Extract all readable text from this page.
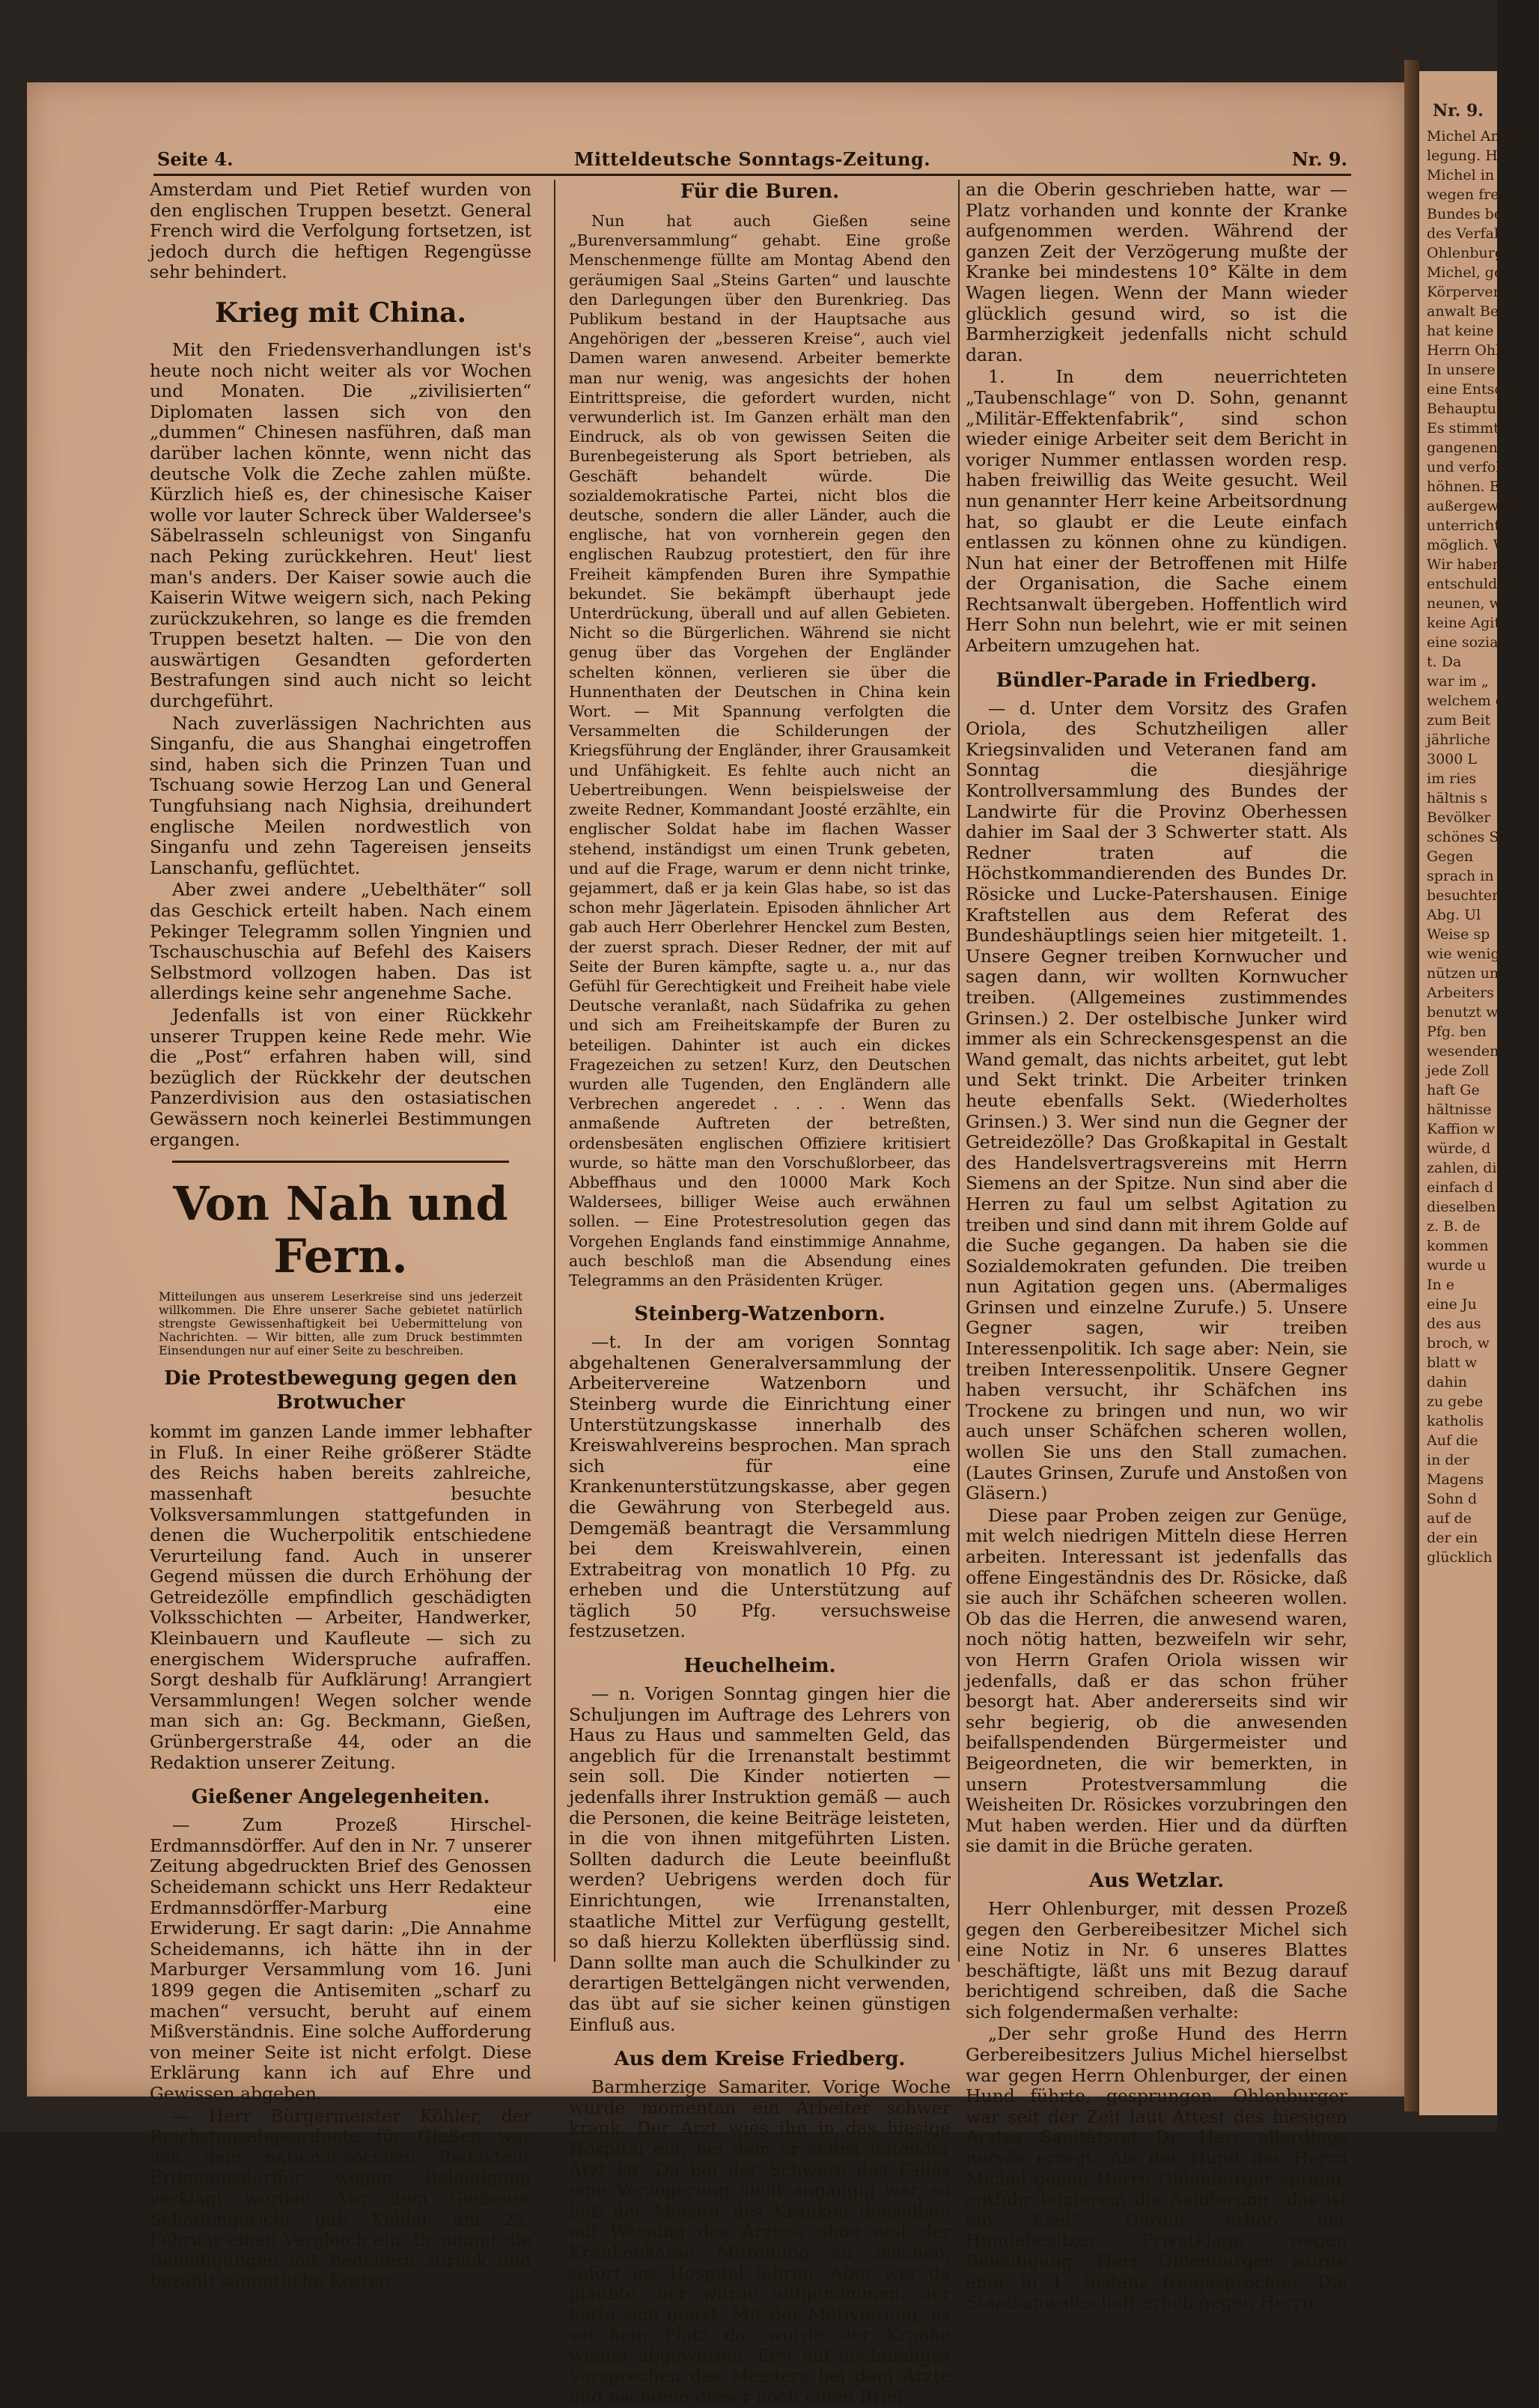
Nr. 9.
Michel Anklage
legung. Herr
Michel in
wegen freier
Bundes bedr
des Verfahr
Ohlenburger
Michel, gez
Körperverlet
anwalt Ber
hat keine
Herrn Ohle
In unsere
eine Entsch
Behauptung
Es stimmt
gangenen S
und verfolg
höhnen. Es
außergewöhn
unterrichtet
möglich. W
Wir haben
entschuldige
neunen, we
keine Agita
eine sozial
t. Da
war im „
welchem e
zum Beit
jährliche
3000 L
im ries
hältnis s
Bevölker
schönes S
Gegen
sprach in
besuchten
Abg. Ul
Weise sp
wie wenig
nützen un
Arbeiters
benutzt w
Pfg. ben
wesenden
jede Zoll
haft Ge
hältnisse
Kaffion w
würde, d
zahlen, die
einfach d
dieselben
z. B. de
kommen
wurde u
In e
eine Ju
des aus
broch, w
blatt w
dahin
zu gebe
katholis
Auf die
in der
Magens
Sohn d
auf de
der ein
glücklich
Seite 4.	Mitteldeutsche Sonntags-Zeitung.	Nr. 9.

Amsterdam und Piet Retief wurden von den englischen Truppen besetzt. General French wird die Verfolgung fortsetzen, ist jedoch durch die heftigen Regengüsse sehr behindert.

Krieg mit China.

Mit den Friedensverhandlungen ist's heute noch nicht weiter als vor Wochen und Monaten. Die „zivilisierten“ Diplomaten lassen sich von den „dummen“ Chinesen nasführen, daß man darüber lachen könnte, wenn nicht das deutsche Volk die Zeche zahlen müßte. Kürzlich hieß es, der chinesische Kaiser wolle vor lauter Schreck über Waldersee's Säbelrasseln schleunigst von Singanfu nach Peking zurückkehren. Heut' liest man's anders. Der Kaiser sowie auch die Kaiserin Witwe weigern sich, nach Peking zurückzukehren, so lange es die fremden Truppen besetzt halten. — Die von den auswärtigen Gesandten geforderten Bestrafungen sind auch nicht so leicht durchgeführt.

Nach zuverlässigen Nachrichten aus Singanfu, die aus Shanghai eingetroffen sind, haben sich die Prinzen Tuan und Tschuang sowie Herzog Lan und General Tungfuhsiang nach Nighsia, dreihundert englische Meilen nordwestlich von Singanfu und zehn Tagereisen jenseits Lanschanfu, geflüchtet.

Aber zwei andere „Uebelthäter“ soll das Geschick erteilt haben. Nach einem Pekinger Telegramm sollen Yingnien und Tschauschuschia auf Befehl des Kaisers Selbstmord vollzogen haben. Das ist allerdings keine sehr angenehme Sache.

Jedenfalls ist von einer Rückkehr unserer Truppen keine Rede mehr. Wie die „Post“ erfahren haben will, sind bezüglich der Rückkehr der deutschen Panzerdivision aus den ostasiatischen Gewässern noch keinerlei Bestimmungen ergangen.

Von Nah und Fern.
Mitteilungen aus unserem Leserkreise sind uns jederzeit willkommen. Die Ehre unserer Sache gebietet natürlich strengste Gewissenhaftigkeit bei Uebermittelung von Nachrichten. — Wir bitten, alle zum Druck bestimmten Einsendungen nur auf einer Seite zu beschreiben.
Die Protestbewegung gegen den Brotwucher

kommt im ganzen Lande immer lebhafter in Fluß. In einer Reihe größerer Städte des Reichs haben bereits zahlreiche, massenhaft besuchte Volksversammlungen stattgefunden in denen die Wucherpolitik entschiedene Verurteilung fand. Auch in unserer Gegend müssen die durch Erhöhung der Getreidezölle empfindlich geschädigten Volksschichten — Arbeiter, Handwerker, Kleinbauern und Kaufleute — sich zu energischem Widerspruche aufraffen. Sorgt deshalb für Aufklärung! Arrangiert Versammlungen! Wegen solcher wende man sich an: Gg. Beckmann, Gießen, Grünbergerstraße 44, oder an die Redaktion unserer Zeitung.

Gießener Angelegenheiten.

— Zum Prozeß Hirschel-Erdmannsdörffer. Auf den in Nr. 7 unserer Zeitung abgedruckten Brief des Genossen Scheidemann schickt uns Herr Redakteur Erdmannsdörffer-Marburg eine Erwiderung. Er sagt darin: „Die Annahme Scheidemanns, ich hätte ihn in der Marburger Versammlung vom 16. Juni 1899 gegen die Antisemiten „scharf zu machen“ versucht, beruht auf einem Mißverständnis. Eine solche Aufforderung von meiner Seite ist nicht erfolgt. Diese Erklärung kann ich auf Ehre und Gewissen abgeben.

— Herr Bürgermeister Köhler, der Reichstagsabgeordnete für Gießen war von dem national-socialen Redakteur Erdmannsdörffer wegen Beleidigung verklagt worden. Vor dem Gießener Schöffengericht gab Köhler am 22. Februar einen Vergleich ein. Er nimmt die Beleidigungen mit Bedauern zurück und bezahlt sämmtliche Kosten.

Für die Buren.

Nun hat auch Gießen seine „Burenversammlung“ gehabt. Eine große Menschenmenge füllte am Montag Abend den geräumigen Saal „Steins Garten“ und lauschte den Darlegungen über den Burenkrieg. Das Publikum bestand in der Hauptsache aus Angehörigen der „besseren Kreise“, auch viel Damen waren anwesend. Arbeiter bemerkte man nur wenig, was angesichts der hohen Eintrittspreise, die gefordert wurden, nicht verwunderlich ist. Im Ganzen erhält man den Eindruck, als ob von gewissen Seiten die Burenbegeisterung als Sport betrieben, als Geschäft behandelt würde. Die sozialdemokratische Partei, nicht blos die deutsche, sondern die aller Länder, auch die englische, hat von vornherein gegen den englischen Raubzug protestiert, den für ihre Freiheit kämpfenden Buren ihre Sympathie bekundet. Sie bekämpft überhaupt jede Unterdrückung, überall und auf allen Gebieten. Nicht so die Bürgerlichen. Während sie nicht genug über das Vorgehen der Engländer schelten können, verlieren sie über die Hunnenthaten der Deutschen in China kein Wort. — Mit Spannung verfolgten die Versammelten die Schilderungen der Kriegsführung der Engländer, ihrer Grausamkeit und Unfähigkeit. Es fehlte auch nicht an Uebertreibungen. Wenn beispielsweise der zweite Redner, Kommandant Joosté erzählte, ein englischer Soldat habe im flachen Wasser stehend, inständigst um einen Trunk gebeten, und auf die Frage, warum er denn nicht trinke, gejammert, daß er ja kein Glas habe, so ist das schon mehr Jägerlatein. Episoden ähnlicher Art gab auch Herr Oberlehrer Henckel zum Besten, der zuerst sprach. Dieser Redner, der mit auf Seite der Buren kämpfte, sagte u. a., nur das Gefühl für Gerechtigkeit und Freiheit habe viele Deutsche veranlaßt, nach Südafrika zu gehen und sich am Freiheitskampfe der Buren zu beteiligen. Dahinter ist auch ein dickes Fragezeichen zu setzen! Kurz, den Deutschen wurden alle Tugenden, den Engländern alle Verbrechen angeredet . . . . Wenn das anmaßende Auftreten der betreßten, ordensbesäten englischen Offiziere kritisiert wurde, so hätte man den Vorschußlorbeer, das Abbeffhaus und den 10000 Mark Koch Waldersees, billiger Weise auch erwähnen sollen. — Eine Protestresolution gegen das Vorgehen Englands fand einstimmige Annahme, auch beschloß man die Absendung eines Telegramms an den Präsidenten Krüger.

Steinberg-Watzenborn.

—t. In der am vorigen Sonntag abgehaltenen Generalversammlung der Arbeitervereine Watzenborn und Steinberg wurde die Einrichtung einer Unterstützungskasse innerhalb des Kreiswahlvereins besprochen. Man sprach sich für eine Krankenunterstützungskasse, aber gegen die Gewährung von Sterbegeld aus. Demgemäß beantragt die Versammlung bei dem Kreiswahlverein, einen Extrabeitrag von monatlich 10 Pfg. zu erheben und die Unterstützung auf täglich 50 Pfg. versuchsweise festzusetzen.

Heuchelheim.

— n. Vorigen Sonntag gingen hier die Schuljungen im Auftrage des Lehrers von Haus zu Haus und sammelten Geld, das angeblich für die Irrenanstalt bestimmt sein soll. Die Kinder notierten — jedenfalls ihrer Instruktion gemäß — auch die Personen, die keine Beiträge leisteten, in die von ihnen mitgeführten Listen. Sollten dadurch die Leute beeinflußt werden? Uebrigens werden doch für Einrichtungen, wie Irrenanstalten, staatliche Mittel zur Verfügung gestellt, so daß hierzu Kollekten überflüssig sind. Dann sollte man auch die Schulkinder zu derartigen Bettelgängen nicht verwenden, das übt auf sie sicher keinen günstigen Einfluß aus.

Aus dem Kreise Friedberg.

Barmherzige Samariter. Vorige Woche wurde momentan ein Arbeiter schwer krank. Der Arzt wies ihn in das hiesige Hospital ein, bei dem er selbst leitender Arzt ist. Da bei der Schwere des Falles eine Verzögerung nicht angängig war, so ließ der Meister des Kranken denselben auf Weisung des Arztes, ohne erst der Krankenkasse Mitteilung zu machen, sofort ins Hospital fahren. Aber wer da glaubte, der würde aufgenommen, der hatte sich geirrt. Mit der Motivierung, es sei kein Platz da, wurde der Kranke wieder abgewiesen. Erst auf nochmaliges Vorsprechen des Meisters bei dem Arzte und nachdem dieser noch einen Brief

an die Oberin geschrieben hatte, war — Platz vorhanden und konnte der Kranke aufgenommen werden. Während der ganzen Zeit der Verzögerung mußte der Kranke bei mindestens 10° Kälte in dem Wagen liegen. Wenn der Mann wieder glücklich gesund wird, so ist die Barmherzigkeit jedenfalls nicht schuld daran.

1. In dem neuerrichteten „Taubenschlage“ von D. Sohn, genannt „Militär-Effektenfabrik“, sind schon wieder einige Arbeiter seit dem Bericht in voriger Nummer entlassen worden resp. haben freiwillig das Weite gesucht. Weil nun genannter Herr keine Arbeitsordnung hat, so glaubt er die Leute einfach entlassen zu können ohne zu kündigen. Nun hat einer der Betroffenen mit Hilfe der Organisation, die Sache einem Rechtsanwalt übergeben. Hoffentlich wird Herr Sohn nun belehrt, wie er mit seinen Arbeitern umzugehen hat.

Bündler-Parade in Friedberg.

— d. Unter dem Vorsitz des Grafen Oriola, des Schutzheiligen aller Kriegsinvaliden und Veteranen fand am Sonntag die diesjährige Kontrollversammlung des Bundes der Landwirte für die Provinz Oberhessen dahier im Saal der 3 Schwerter statt. Als Redner traten auf die Höchstkommandierenden des Bundes Dr. Rösicke und Lucke-Patershausen. Einige Kraftstellen aus dem Referat des Bundeshäuptlings seien hier mitgeteilt. 1. Unsere Gegner treiben Kornwucher und sagen dann, wir wollten Kornwucher treiben. (Allgemeines zustimmendes Grinsen.) 2. Der ostelbische Junker wird immer als ein Schreckensgespenst an die Wand gemalt, das nichts arbeitet, gut lebt und Sekt trinkt. Die Arbeiter trinken heute ebenfalls Sekt. (Wiederholtes Grinsen.) 3. Wer sind nun die Gegner der Getreidezölle? Das Großkapital in Gestalt des Handelsvertragsvereins mit Herrn Siemens an der Spitze. Nun sind aber die Herren zu faul um selbst Agitation zu treiben und sind dann mit ihrem Golde auf die Suche gegangen. Da haben sie die Sozialdemokraten gefunden. Die treiben nun Agitation gegen uns. (Abermaliges Grinsen und einzelne Zurufe.) 5. Unsere Gegner sagen, wir treiben Interessenpolitik. Ich sage aber: Nein, sie treiben Interessenpolitik. Unsere Gegner haben versucht, ihr Schäfchen ins Trockene zu bringen und nun, wo wir auch unser Schäfchen scheren wollen, wollen Sie uns den Stall zumachen. (Lautes Grinsen, Zurufe und Anstoßen von Gläsern.)

Diese paar Proben zeigen zur Genüge, mit welch niedrigen Mitteln diese Herren arbeiten. Interessant ist jedenfalls das offene Eingeständnis des Dr. Rösicke, daß sie auch ihr Schäfchen scheeren wollen. Ob das die Herren, die anwesend waren, noch nötig hatten, bezweifeln wir sehr, von Herrn Grafen Oriola wissen wir jedenfalls, daß er das schon früher besorgt hat. Aber andererseits sind wir sehr begierig, ob die anwesenden beifallspendenden Bürgermeister und Beigeordneten, die wir bemerkten, in unsern Protestversammlung die Weisheiten Dr. Rösickes vorzubringen den Mut haben werden. Hier und da dürften sie damit in die Brüche geraten.

Aus Wetzlar.

Herr Ohlenburger, mit dessen Prozeß gegen den Gerbereibesitzer Michel sich eine Notiz in Nr. 6 unseres Blattes beschäftigte, läßt uns mit Bezug darauf berichtigend schreiben, daß die Sache sich folgendermaßen verhalte:

„Der sehr große Hund des Herrn Gerbereibesitzers Julius Michel hierselbst war gegen Herrn Ohlenburger, der einen Hund führte, gesprungen. Ohlenburger war seit der Zeit laut Attest des hiesigen Arztes Sanitätsrat Dr. Herr allerdings nervös erregt. Als der Hund des Herrn Michel gegen Herrn Ohlenburger sprang, entfuhr letzterem die Aeußerung „das ist ein Esel“. Darauf erhob der Hundebesitzer Privatklage wegen Beleidigung, Herr Ohlenburger wurde aber in 1. Instanz freigesprochen. Die Staatsanwaltschaft erhob gegen Herrn
